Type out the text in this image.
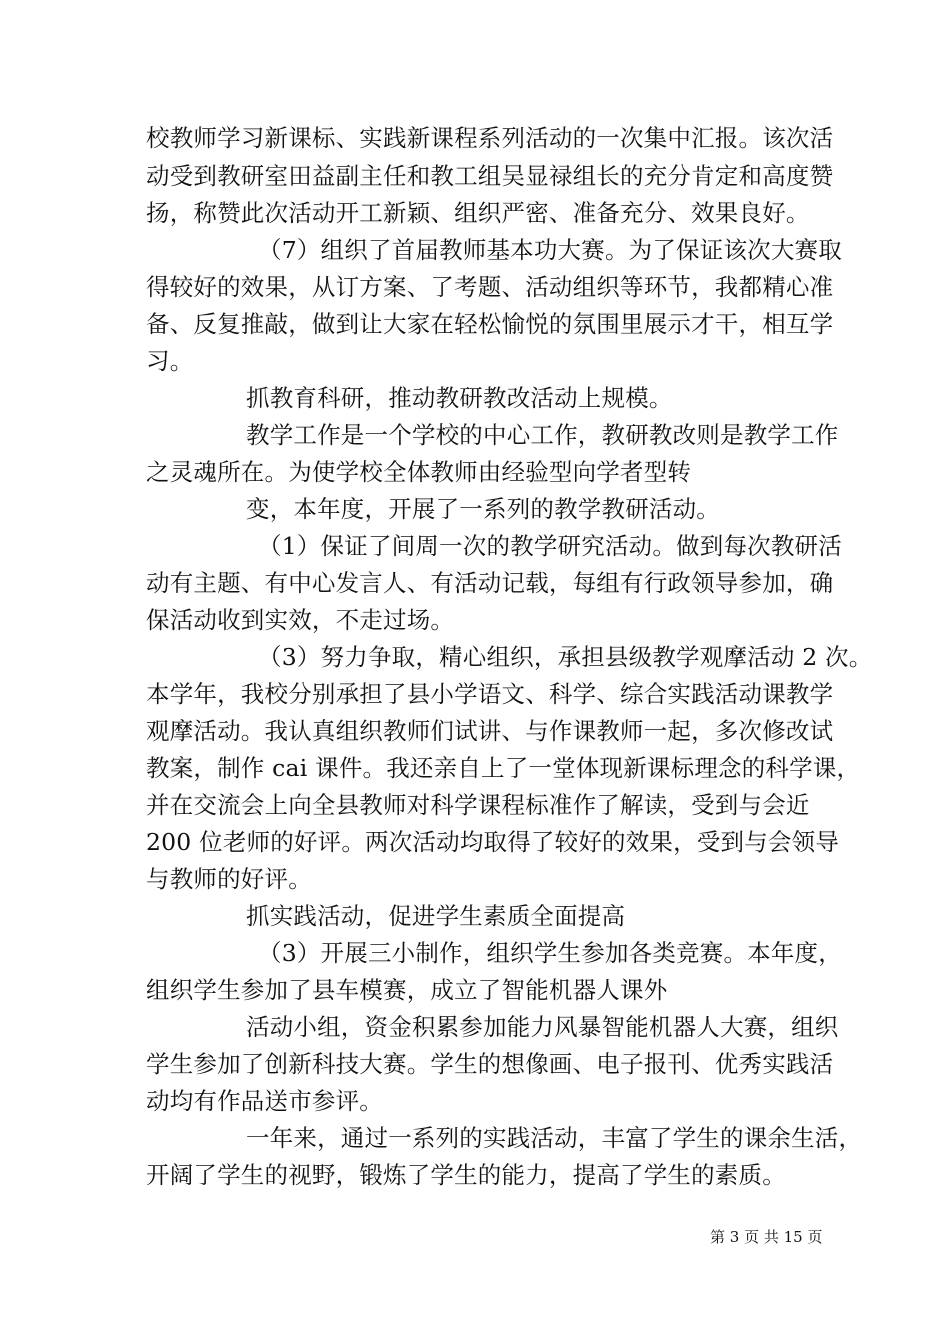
校教师学习新课标、实践新课程系列活动的一次集中汇报。该次活
动受到教研室田益副主任和教工组吴显禄组长的充分肯定和高度赞
扬，称赞此次活动开工新颖、组织严密、准备充分、效果良好。
（7）组织了首届教师基本功大赛。为了保证该次大赛取
得较好的效果，从订方案、了考题、活动组织等环节，我都精心准
备、反复推敲，做到让大家在轻松愉悦的氛围里展示才干，相互学
习。
抓教育科研，推动教研教改活动上规模。
教学工作是一个学校的中心工作，教研教改则是教学工作
之灵魂所在。为使学校全体教师由经验型向学者型转
变，本年度，开展了一系列的教学教研活动。
（1）保证了间周一次的教学研究活动。做到每次教研活
动有主题、有中心发言人、有活动记载，每组有行政领导参加，确
保活动收到实效，不走过场。
（3）努力争取，精心组织，承担县级教学观摩活动 2 次。
本学年，我校分别承担了县小学语文、科学、综合实践活动课教学
观摩活动。我认真组织教师们试讲、与作课教师一起，多次修改试
教案，制作 cai 课件。我还亲自上了一堂体现新课标理念的科学课，
并在交流会上向全县教师对科学课程标准作了解读，受到与会近
200 位老师的好评。两次活动均取得了较好的效果，受到与会领导
与教师的好评。
抓实践活动，促进学生素质全面提高
（3）开展三小制作，组织学生参加各类竞赛。本年度，
组织学生参加了县车模赛，成立了智能机器人课外
活动小组，资金积累参加能力风暴智能机器人大赛，组织
学生参加了创新科技大赛。学生的想像画、电子报刊、优秀实践活
动均有作品送市参评。
一年来，通过一系列的实践活动，丰富了学生的课余生活，
开阔了学生的视野，锻炼了学生的能力，提高了学生的素质。
第 3 页 共 15 页
